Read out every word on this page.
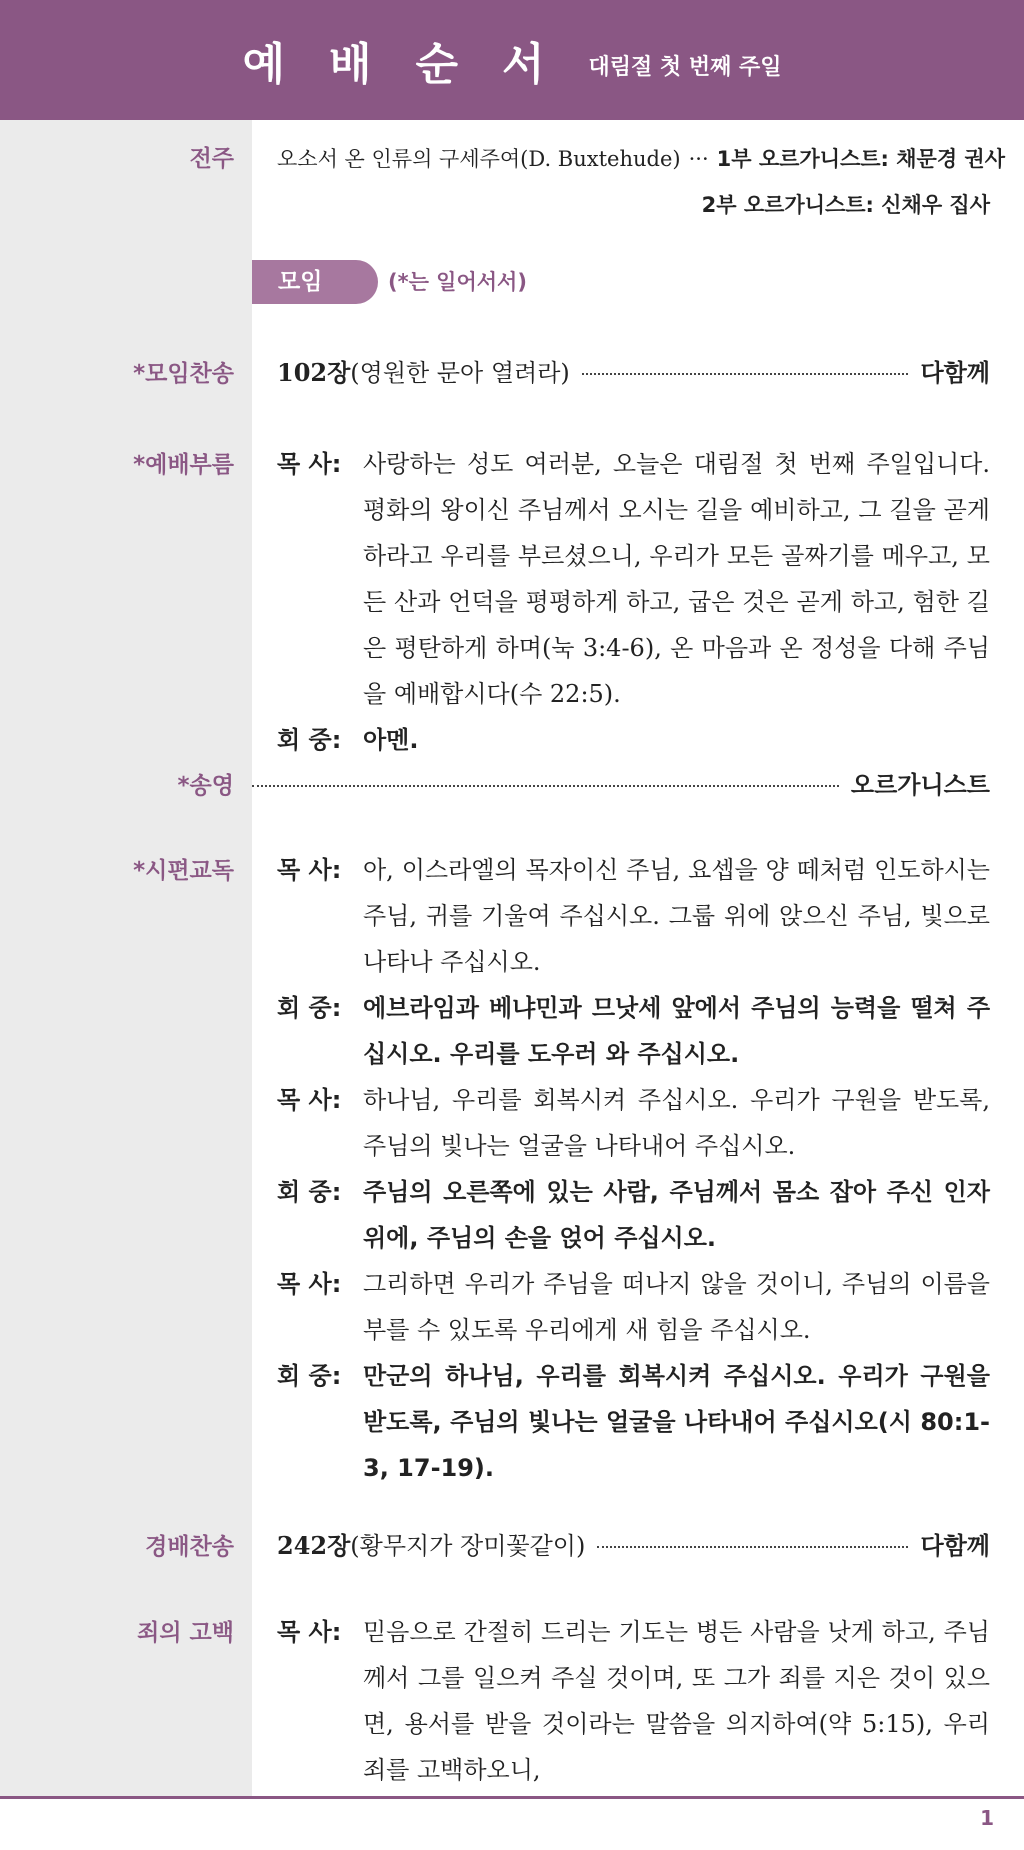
예배순서 대림절 첫 번째 주일
전주 오소서 온 인류의 구세주여(D. Buxtehude) ··· 1부 오르가니스트: 채문경 권사
2부 오르가니스트: 신채우 집사
모임	(*는 일어서서)
*모임찬송 102장 (영원한 문아 열려라)	다함께
*예배부름 목 사: 사랑하는 성도 여러분, 오늘은 대림절 첫 번째 주일입니다. 평화의 왕이신 주님께서 오시는 길을 예비하고, 그 길을 곧게 하라고 우리를 부르셨으니, 우리가 모든 골짜기를 메우고, 모든 산과 언덕을 평평하게 하고, 굽은 것은 곧게 하고, 험한 길은 평탄하게 하며(눅 3:4-6), 온 마음과 온 정성을 다해 주님을 예배합시다(수 22:5).
회 중: 아멘.
*송영	오르가니스트
*시편교독 목 사: 아, 이스라엘의 목자이신 주님, 요셉을 양 떼처럼 인도하시는 주님, 귀를 기울여 주십시오. 그룹 위에 앉으신 주님, 빛으로 나타나 주십시오.
회 중: 에브라임과 베냐민과 므낫세 앞에서 주님의 능력을 떨쳐 주십시오. 우리를 도우러 와 주십시오.
목 사: 하나님, 우리를 회복시켜 주십시오. 우리가 구원을 받도록, 주님의 빛나는 얼굴을 나타내어 주십시오.
회 중: 주님의 오른쪽에 있는 사람, 주님께서 몸소 잡아 주신 인자 위에, 주님의 손을 얹어 주십시오.
목 사: 그리하면 우리가 주님을 떠나지 않을 것이니, 주님의 이름을 부를 수 있도록 우리에게 새 힘을 주십시오.
회 중: 만군의 하나님, 우리를 회복시켜 주십시오. 우리가 구원을 받도록, 주님의 빛나는 얼굴을 나타내어 주십시오(시 80:1-3, 17-19).
경배찬송 242장 (황무지가 장미꽃같이)	다함께
죄의 고백 목 사: 믿음으로 간절히 드리는 기도는 병든 사람을 낫게 하고, 주님께서 그를 일으켜 주실 것이며, 또 그가 죄를 지은 것이 있으면, 용서를 받을 것이라는 말씀을 의지하여(약 5:15), 우리 죄를 고백하오니,
1
